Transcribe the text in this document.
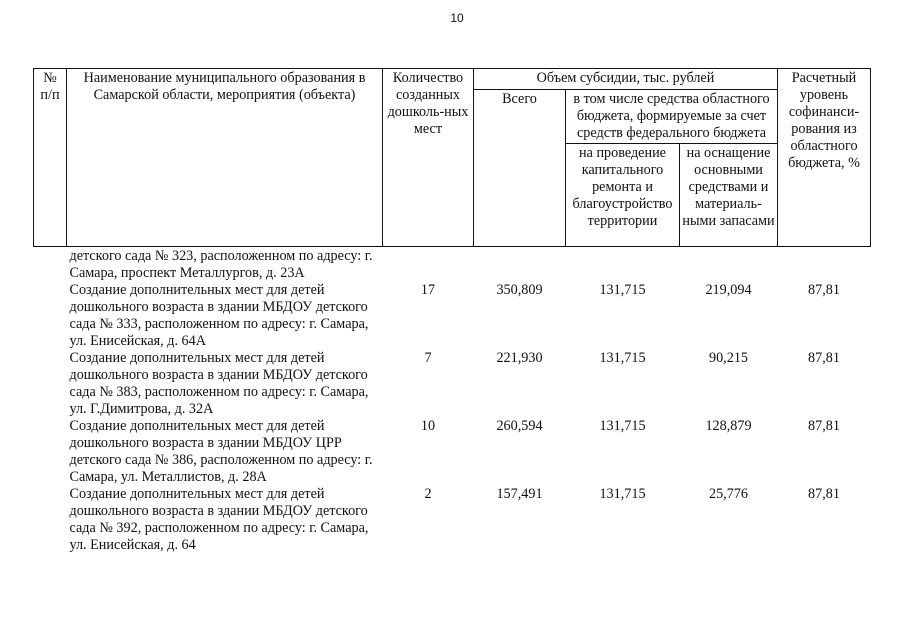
10
№ п/п	Наименование муниципального образования в Самарской области, мероприятия (объекта)	Количество созданных дошколь-ных мест	Объем субсидии, тыс. рублей			Расчетный уровень софинанси-рования из областного бюджета, %
			Всего	в том числе средства областного бюджета, формируемые за счет средств федерального бюджета		
				на проведение капитального ремонта и благоустройство территории	на оснащение основными средствами и материаль-ными запасами	
	детского сада № 323, расположенном по адресу: г. Самара, проспект Металлургов, д. 23А					
	Создание дополнительных мест для детей дошкольного возраста в здании МБДОУ детского сада № 333, расположенном по адресу: г. Самара, ул. Енисейская, д. 64А	17	350,809	131,715	219,094	87,81
	Создание дополнительных мест для детей дошкольного возраста в здании МБДОУ детского сада № 383, расположенном по адресу: г. Самара, ул. Г.Димитрова, д. 32А	7	221,930	131,715	90,215	87,81
	Создание дополнительных мест для детей дошкольного возраста в здании МБДОУ ЦРР детского сада № 386, расположенном по адресу: г. Самара, ул. Металлистов, д. 28А	10	260,594	131,715	128,879	87,81
	Создание дополнительных мест для детей дошкольного возраста в здании МБДОУ детского сада № 392, расположенном по адресу: г. Самара, ул. Енисейская, д. 64	2	157,491	131,715	25,776	87,81
